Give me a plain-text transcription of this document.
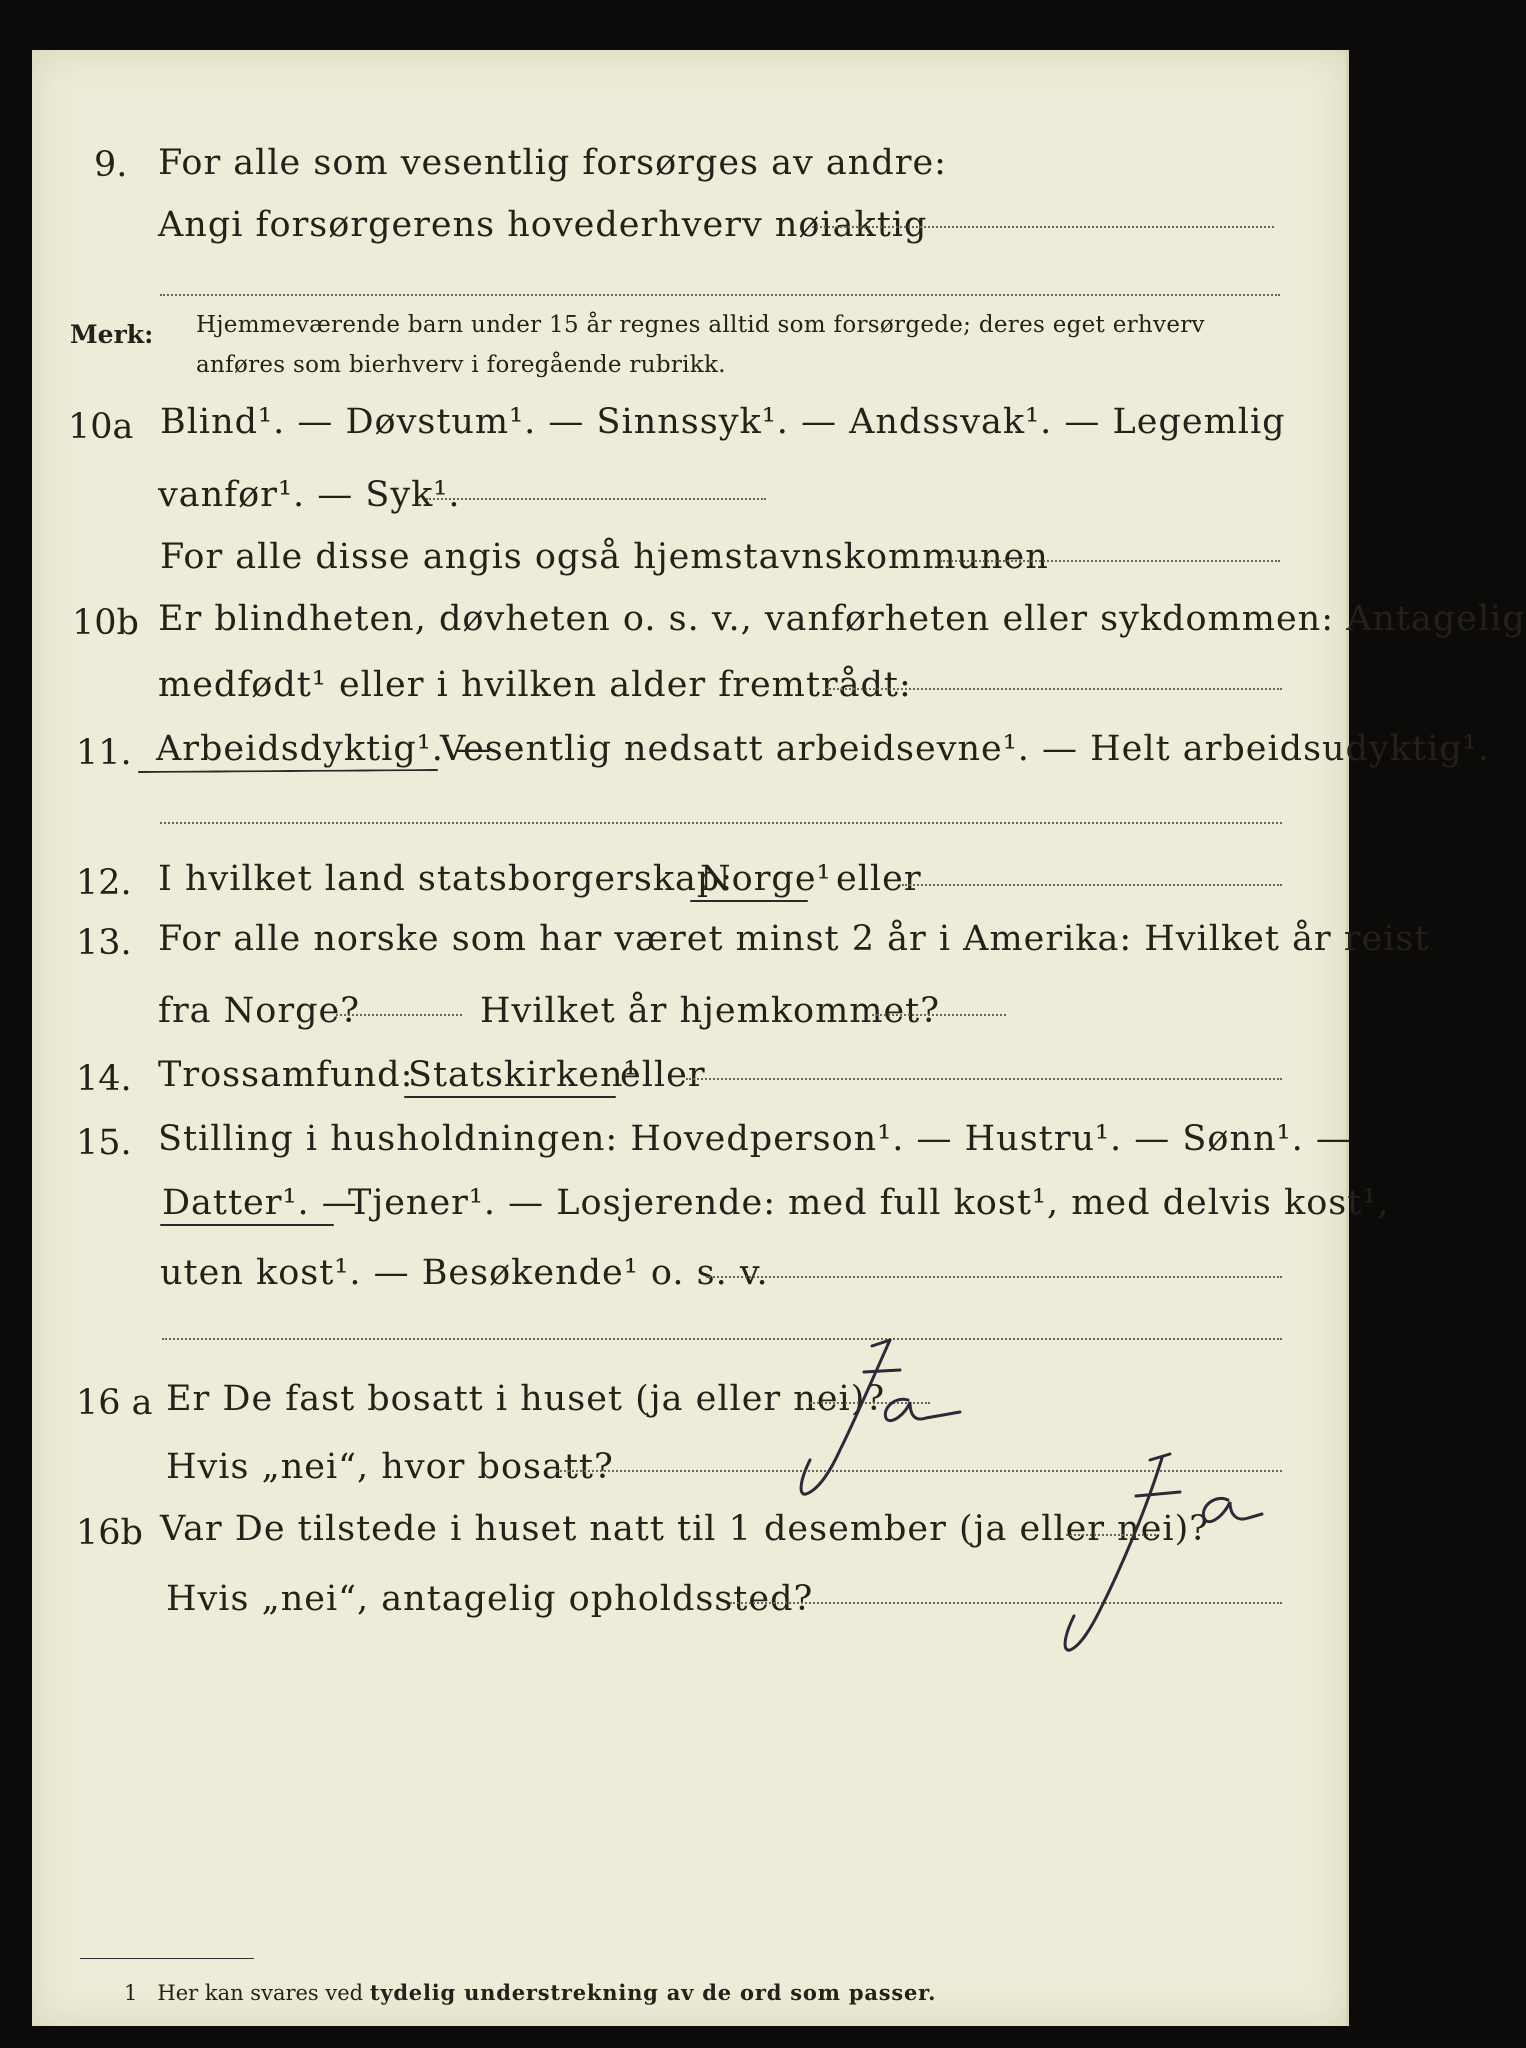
9. For alle som vesentlig forsørges av andre:
Angi forsørgerens hovederhverv nøiaktig
Merk: Hjemmeværende barn under 15 år regnes alltid som forsørgede; deres eget erhverv
anføres som bierhverv i foregående rubrikk.
10a Blind¹. — Døvstum¹. — Sinnssyk¹. — Andssvak¹. — Legemlig
vanfør¹. — Syk¹.
For alle disse angis også hjemstavnskommunen
10b Er blindheten, døvheten o. s. v., vanførheten eller sykdommen: Antagelig
medfødt¹ eller i hvilken alder fremtrådt:
11. Arbeidsdyktig¹. —
Vesentlig nedsatt arbeidsevne¹. — Helt arbeidsudyktig¹.
12. I hvilket land statsborgerskap:
Norge¹ eller
13. For alle norske som har været minst 2 år i Amerika: Hvilket år reist
fra Norge?	Hvilket år hjemkommet?
14. Trossamfund:
Statskirken¹
eller
15. Stilling i husholdningen: Hovedperson¹. — Hustru¹. — Sønn¹. —
Datter¹. —
Tjener¹. — Losjerende: med full kost¹, med delvis kost¹,
uten kost¹. — Besøkende¹ o. s. v.
16 a Er De fast bosatt i huset (ja eller nei)?
Hvis „nei“, hvor bosatt?
16b Var De tilstede i huset natt til 1 desember (ja eller nei)?
Hvis „nei“, antagelig opholdssted?
1 Her kan svares ved tydelig understrekning av de ord som passer.
